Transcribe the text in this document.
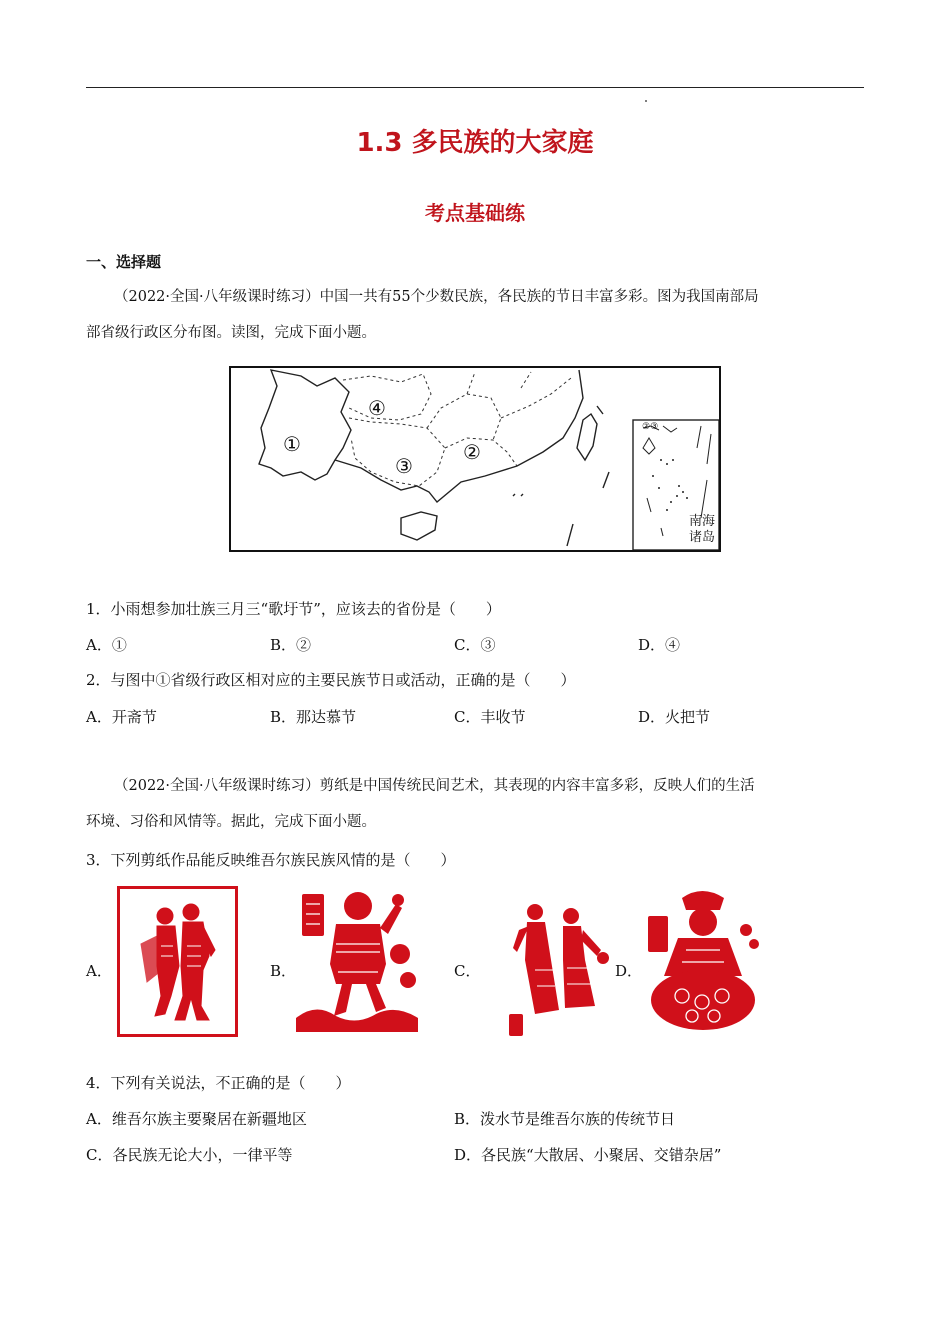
1.3 多民族的大家庭
考点基础练
一、选择题
（2022·全国·八年级课时练习）中国一共有55个少数民族，各民族的节日丰富多彩。图为我国南部局
部省级行政区分布图。读图，完成下面小题。
①	②
③
④
②③
南海
诸岛
1．小雨想参加壮族三月三“歌圩节”，应该去的省份是（　　）
A．①	B．②	C．③	D．④
2．与图中①省级行政区相对应的主要民族节日或活动，正确的是（　　）
A．开斋节	B．那达慕节	C．丰收节	D．火把节
（2022·全国·八年级课时练习）剪纸是中国传统民间艺术，其表现的内容丰富多彩，反映人们的生活
环境、习俗和风情等。据此，完成下面小题。
3．下列剪纸作品能反映维吾尔族民族风情的是（　　）
A．	B．	C．	D．
4．下列有关说法，不正确的是（　　）
A．维吾尔族主要聚居在新疆地区	B．泼水节是维吾尔族的传统节日
C．各民族无论大小，一律平等	D．各民族“大散居、小聚居、交错杂居”
